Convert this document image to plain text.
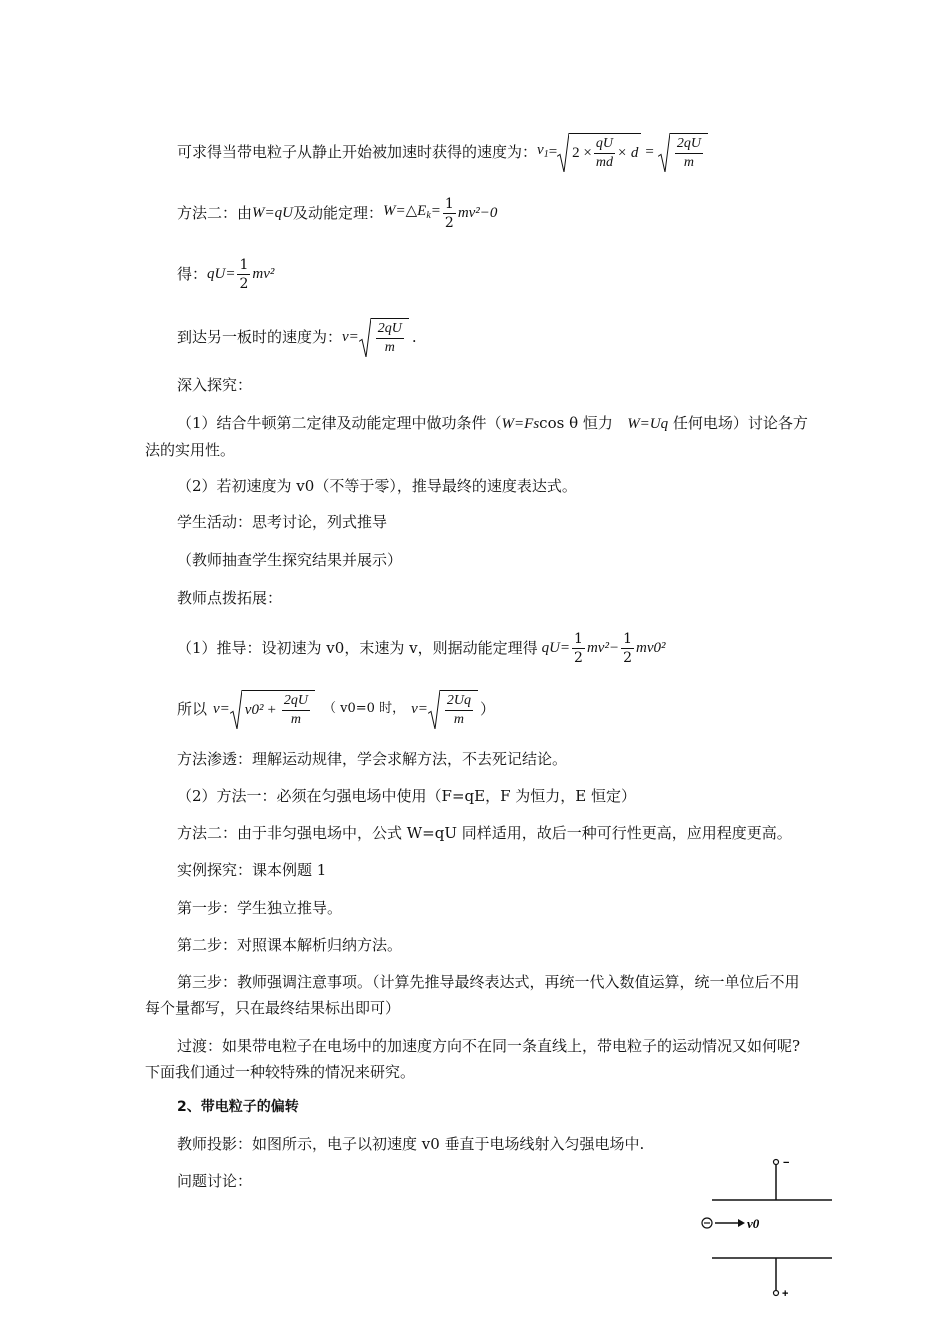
可求得当带电粒子从静止开始被加速时获得的速度为： $v_1 = 2 \times \frac{qU}{md} \times d = \frac{2qU}{m}$
方法二：由 W=qU 及动能定理： $W=\triangle E_k= \frac{1}{2} mv^2-0$
得： $qU= \frac{1}{2} mv^2$
到达另一板时的速度为： $v= \frac{2qU}{m}$ .
深入探究：
（1）结合牛顿第二定律及动能定理中做功条件（W=Fscos θ 恒力 W=Uq 任何电场）讨论各方法的实用性。
（2）若初速度为 v0（不等于零），推导最终的速度表达式。
学生活动：思考讨论，列式推导
（教师抽查学生探究结果并展示）
教师点拨拓展：
（1）推导：设初速为 v0，末速为 v，则据动能定理得 $qU= \frac{1}{2} mv^2- \frac{1}{2} mv0^2$
所以 $v= v0^2 + \frac{2qU}{m}$ （ v0=0 时， $v= \frac{2Uq}{m}$ ）
方法渗透：理解运动规律，学会求解方法，不去死记结论。
（2）方法一：必须在匀强电场中使用（F=qE，F 为恒力，E 恒定）
方法二：由于非匀强电场中，公式 W=qU 同样适用，故后一种可行性更高，应用程度更高。
实例探究：课本例题 1
第一步：学生独立推导。
第二步：对照课本解析归纳方法。
第三步：教师强调注意事项。（计算先推导最终表达式，再统一代入数值运算，统一单位后不用每个量都写，只在最终结果标出即可）
过渡：如果带电粒子在电场中的加速度方向不在同一条直线上，带电粒子的运动情况又如何呢?下面我们通过一种较特殊的情况来研究。
2、带电粒子的偏转
教师投影：如图所示，电子以初速度 v0 垂直于电场线射入匀强电场中.
问题讨论：
−
+
v0
